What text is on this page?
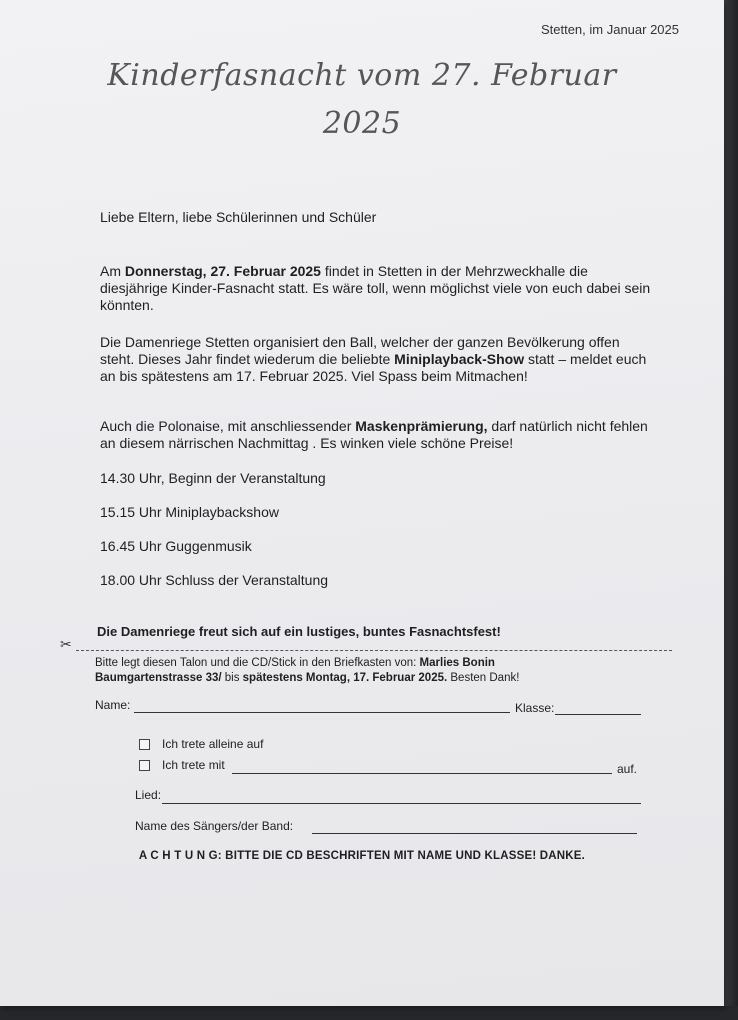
Stetten, im Januar 2025
Kinderfasnacht vom 27. Februar
2025
Liebe Eltern, liebe Schülerinnen und Schüler
Am Donnerstag, 27. Februar 2025 findet in Stetten in der Mehrzweckhalle die diesjährige Kinder-Fasnacht statt. Es wäre toll, wenn möglichst viele von euch dabei sein könnten.
Die Damenriege Stetten organisiert den Ball, welcher der ganzen Bevölkerung offen steht. Dieses Jahr findet wiederum die beliebte Miniplayback-Show statt – meldet euch an bis spätestens am 17. Februar 2025. Viel Spass beim Mitmachen!
Auch die Polonaise, mit anschliessender Maskenprämierung, darf natürlich nicht fehlen an diesem närrischen Nachmittag . Es winken viele schöne Preise!
14.30 Uhr, Beginn der Veranstaltung
15.15 Uhr Miniplaybackshow
16.45 Uhr Guggenmusik
18.00 Uhr Schluss der Veranstaltung
Die Damenriege freut sich auf ein lustiges, buntes Fasnachtsfest!
✂
Bitte legt diesen Talon und die CD/Stick in den Briefkasten von: Marlies Bonin
Baumgartenstrasse 33/ bis spätestens Montag, 17. Februar 2025. Besten Dank!
Name:	Klasse:
Ich trete alleine auf
Ich trete mit	auf.
Lied:
Name des Sängers/der Band:
A C H T U N G: BITTE DIE CD BESCHRIFTEN MIT NAME UND KLASSE! DANKE.
